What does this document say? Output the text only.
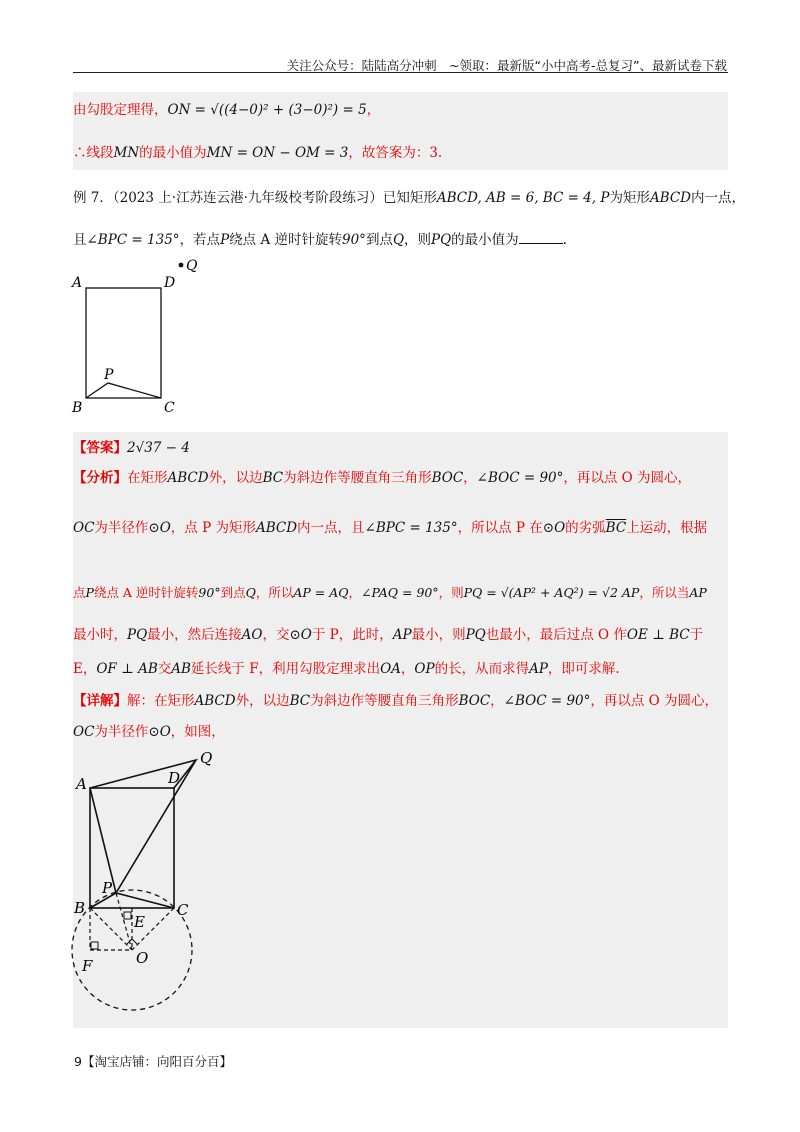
关注公众号：陆陆高分冲刺　~领取：最新版“小中高考-总复习”、最新试卷下载
由勾股定理得，ON = √((4−0)² + (3−0)²) = 5，
∴线段MN的最小值为MN = ON − OM = 3，故答案为：3.
例 7．（2023 上·江苏连云港·九年级校考阶段练习）已知矩形ABCD, AB = 6, BC = 4, P为矩形ABCD内一点，
且∠BPC = 135°，若点P绕点 A 逆时针旋转90°到点Q，则PQ的最小值为	.
A	D
B	C
P
Q
【答案】2√37 − 4
【分析】在矩形ABCD外，以边BC为斜边作等腰直角三角形BOC，∠BOC = 90°，再以点 O 为圆心，
OC为半径作⊙O，点 P 为矩形ABCD内一点，且∠BPC = 135°，所以点 P 在⊙O的劣弧$\overline{BC}$上运动，根据
点P绕点 A 逆时针旋转90°到点Q，所以AP = AQ，∠PAQ = 90°，则PQ = √(AP² + AQ²) = √2 AP，所以当AP
最小时，PQ最小，然后连接AO，交⊙O于 P，此时，AP最小，则PQ也最小，最后过点 O 作OE ⊥ BC于
E，OF ⊥ AB交AB延长线于 F，利用勾股定理求出OA，OP的长，从而求得AP，即可求解.
【详解】解：在矩形ABCD外，以边BC为斜边作等腰直角三角形BOC，∠BOC = 90°，再以点 O 为圆心，
OC为半径作⊙O，如图，
A	D
Q
B	C
P
E
F	O
9【淘宝店铺：向阳百分百】
